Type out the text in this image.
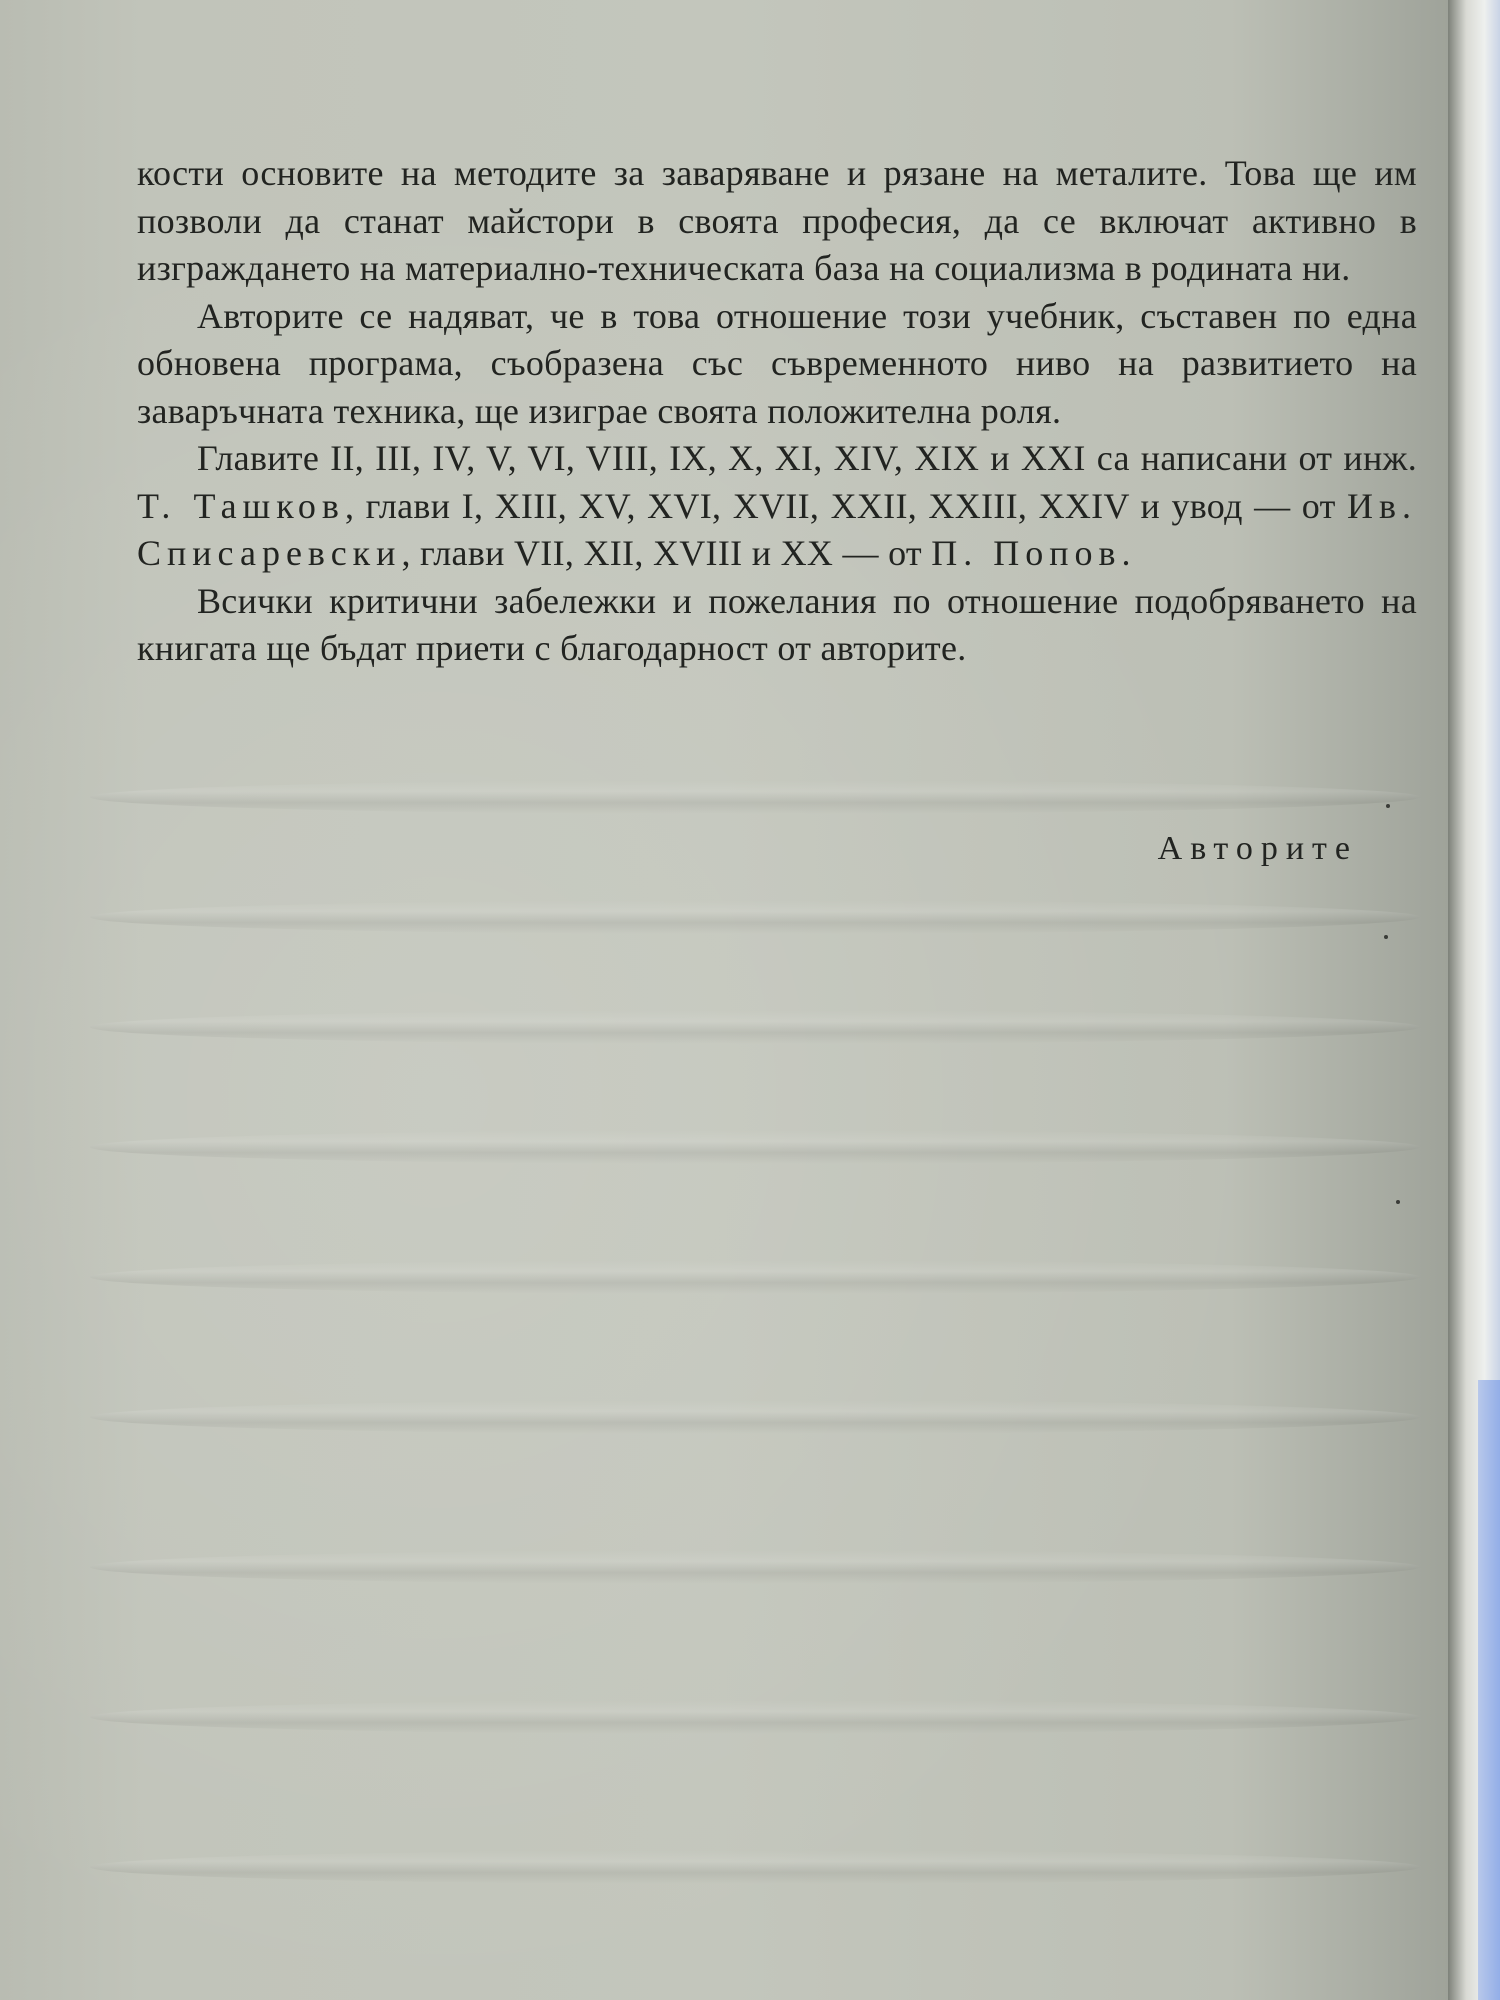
кости основите на методите за заваряване и рязане на металите. Това ще им позволи да станат майстори в своята професия, да се включат активно в изграждането на материално-техническата база на социализма в родината ни.

Авторите се надяват, че в това отношение този учебник, съставен по една обновена програма, съобразена със съвременното ниво на развитието на заваръчната техника, ще изиграе своята положителна роля.

Главите II, III, IV, V, VI, VIII, IX, X, XI, XIV, XIX и XXI са написани от инж. Т. Ташков, глави I, XIII, XV, XVI, XVII, XXII, XXIII, XXIV и увод — от Ив. Списаревски, глави VII, XII, XVIII и XX — от П. Попов.

Всички критични забележки и пожелания по отношение подобряването на книгата ще бъдат приети с благодарност от авторите.

Авторите
